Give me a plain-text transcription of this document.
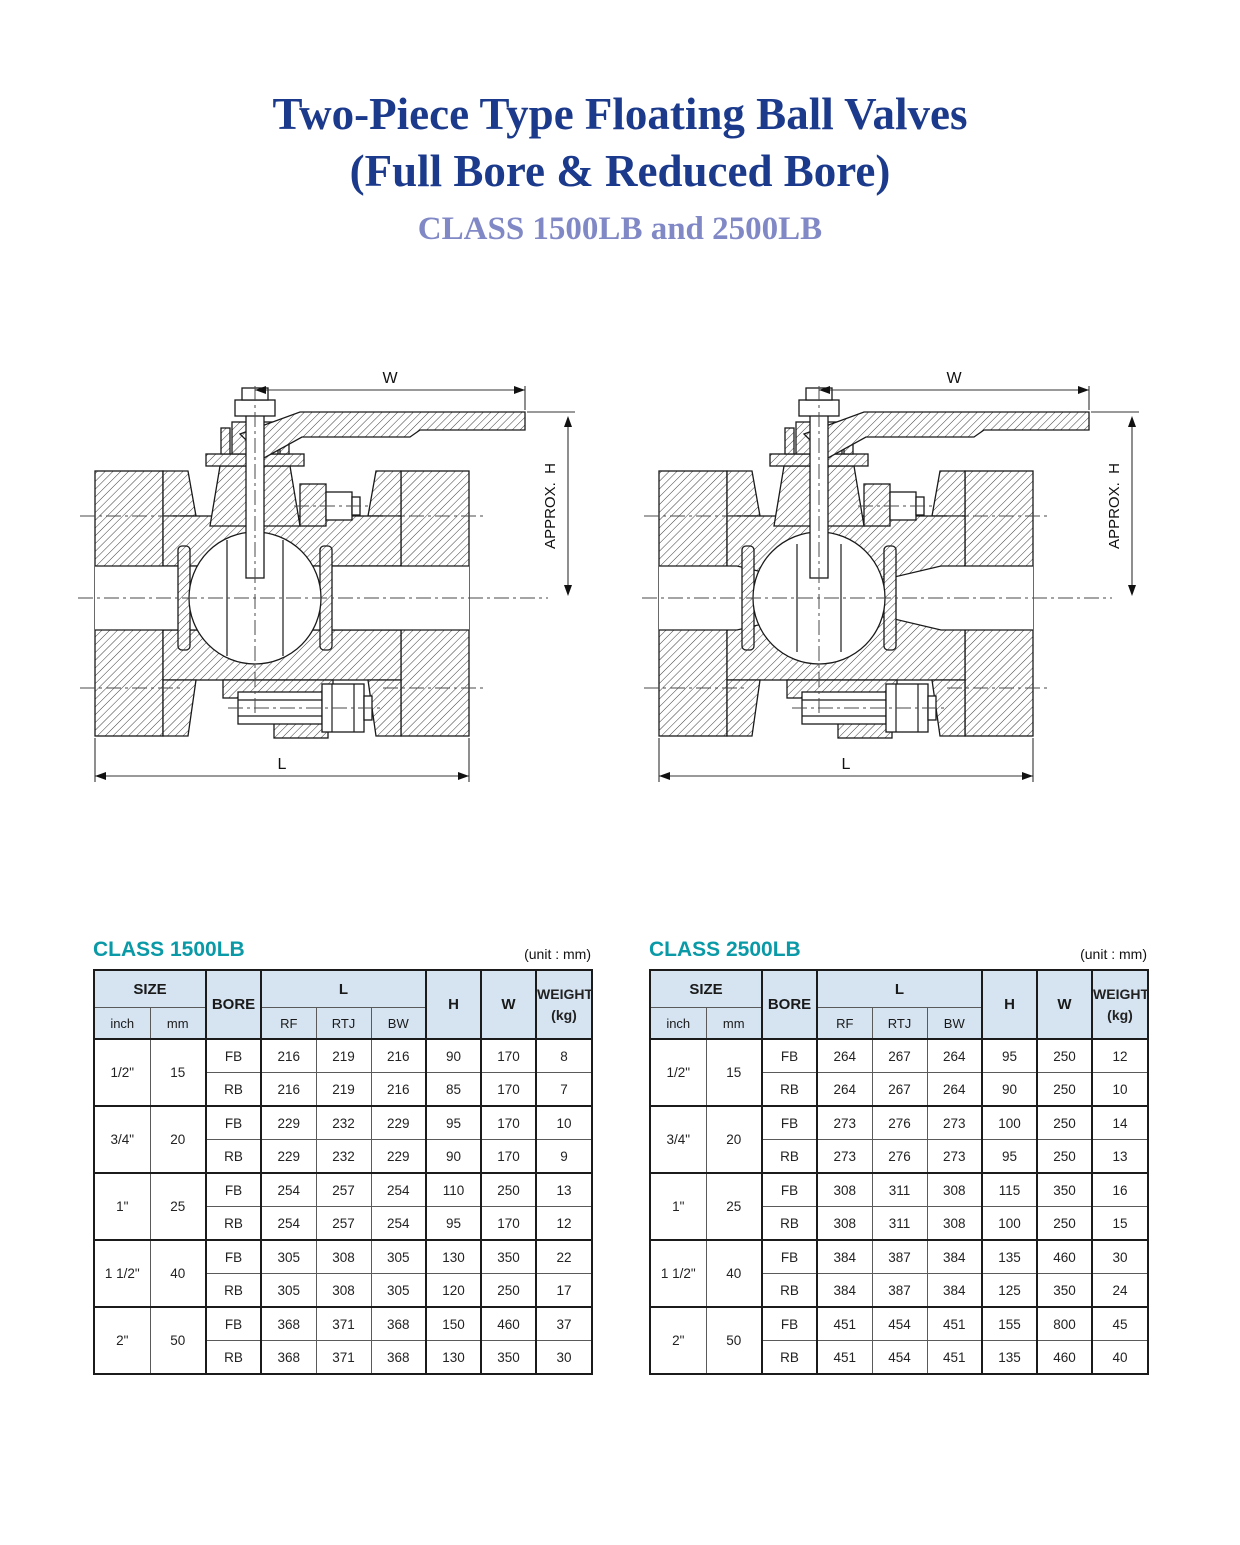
Two-Piece Type Floating Ball Valves
(Full Bore & Reduced Bore)
CLASS 1500LB and 2500LB
W
APPROX.  H
L
W
APPROX.  H
L
CLASS 1500LB	(unit : mm)
SIZE		BORE	L			H	W	WEIGHT
(kg)

inch	mm		RF	RTJ	BW			
1/2"	15	FB	216	219	216	90	170	8
		RB	216	219	216	85	170	7
3/4"	20	FB	229	232	229	95	170	10
		RB	229	232	229	90	170	9
1"	25	FB	254	257	254	110	250	13
		RB	254	257	254	95	170	12
1 1/2"	40	FB	305	308	305	130	350	22
		RB	305	308	305	120	250	17
2"	50	FB	368	371	368	150	460	37
		RB	368	371	368	130	350	30
CLASS 2500LB	(unit : mm)
SIZE		BORE	L			H	W	WEIGHT
(kg)

inch	mm		RF	RTJ	BW			
1/2"	15	FB	264	267	264	95	250	12
		RB	264	267	264	90	250	10
3/4"	20	FB	273	276	273	100	250	14
		RB	273	276	273	95	250	13
1"	25	FB	308	311	308	115	350	16
		RB	308	311	308	100	250	15
1 1/2"	40	FB	384	387	384	135	460	30
		RB	384	387	384	125	350	24
2"	50	FB	451	454	451	155	800	45
		RB	451	454	451	135	460	40
